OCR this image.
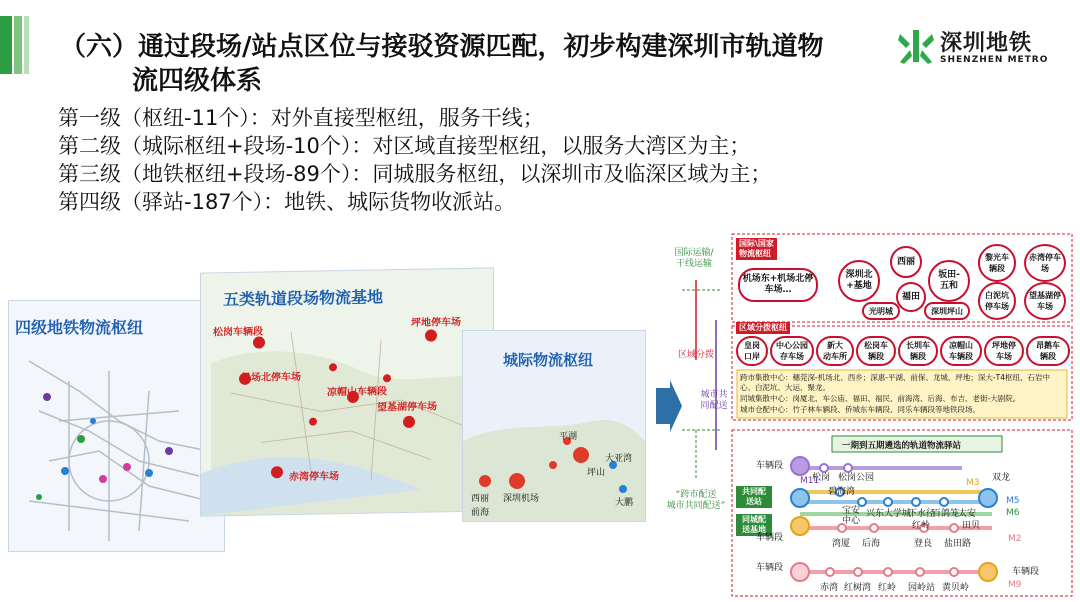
（六）通过段场/站点区位与接驳资源匹配，初步构建深圳市轨道物
流四级体系
深圳地铁
SHENZHEN METRO
第一级（枢纽-11个）：对外直接型枢纽，服务干线；
第二级（城际枢纽+段场-10个）：对区域直接型枢纽，以服务大湾区为主；
第三级（地铁枢纽+段场-89个）：同城服务枢纽，以深圳市及临深区域为主；
第四级（驿站-187个）：地铁、城际货物收派站。
四级地铁物流枢纽
五类轨道段场物流基地
松岗车辆段
机场北停车场
赤湾停车场
凉帽山车辆段
望基湖停车场
坪地停车场
城际物流枢纽
坪山
深圳机场
西丽
前海
平湖
大亚湾
大鹏
国际运输/
干线运输
区域分拨
城市共
同配送
“跨市配送
城市共同配送”
国际\国家
物流枢纽
机场东+机场北停车场…
深圳北
+基地
西丽
福田
光明城
坂田-
五和
深圳坪山
黎光车
辆段
赤湾停车
场
白泥坑
停车场
望基湖停
车场
区域分拨枢纽
皇岗
口岸
中心公园
存车场
新大
动车所
松岗车
辆段
长圳车
辆段
凉帽山
车辆段
坪地停
车场
昂鹅车
辆段
跨市集散中心：穗莞深-机场北、西乡；深惠-平湖、前保、龙城、坪地；深大-T4枢纽、石岩中心、白泥坑、大运、聚龙。
同城集散中心：岗厦北、车公庙、福田、福民、前海湾、后海、布吉、老街-大剧院。
城市仓配中心：竹子林车辆段、侨城东车辆段、同乐车辆段等地铁段场。
一期到五期遴选的轨道物流驿站
共同配
送站
同城配
送基地
车辆段
松岗 松岗公园	双龙
碧海湾
宝安中心
兴东 大学城
下水径
百鸽笼
太安
红岭	田贝
车辆段
湾厦 后海	登良 盐田路
车辆段
赤湾 红树湾 红岭 园岭站 黄贝岭
车辆段
M11	M3
M5
M6
M2
M9
